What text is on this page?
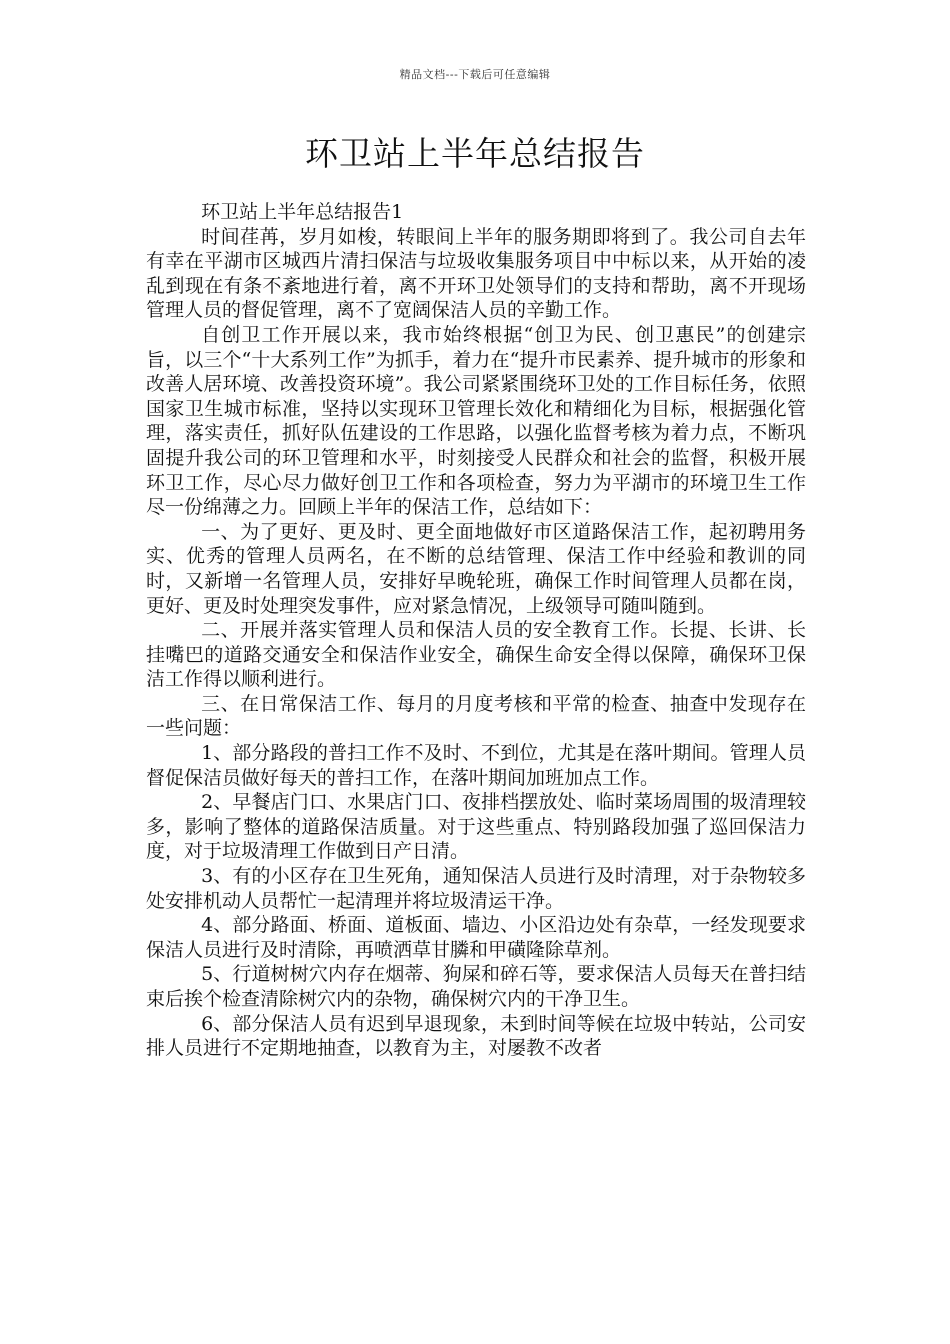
精品文档---下载后可任意编辑
环卫站上半年总结报告

环卫站上半年总结报告1

时间荏苒，岁月如梭，转眼间上半年的服务期即将到了。我公司自去年有幸在平湖市区城西片清扫保洁与垃圾收集服务项目中中标以来，从开始的凌乱到现在有条不紊地进行着，离不开环卫处领导们的支持和帮助，离不开现场管理人员的督促管理，离不了宽阔保洁人员的辛勤工作。

自创卫工作开展以来，我市始终根据“创卫为民、创卫惠民”的创建宗旨，以三个“十大系列工作”为抓手，着力在“提升市民素养、提升城市的形象和改善人居环境、改善投资环境”。我公司紧紧围绕环卫处的工作目标任务，依照国家卫生城市标准，坚持以实现环卫管理长效化和精细化为目标，根据强化管理，落实责任，抓好队伍建设的工作思路，以强化监督考核为着力点，不断巩固提升我公司的环卫管理和水平，时刻接受人民群众和社会的监督，积极开展环卫工作，尽心尽力做好创卫工作和各项检查，努力为平湖市的环境卫生工作尽一份绵薄之力。回顾上半年的保洁工作，总结如下：

一、为了更好、更及时、更全面地做好市区道路保洁工作，起初聘用务实、优秀的管理人员两名，在不断的总结管理、保洁工作中经验和教训的同时，又新增一名管理人员，安排好早晚轮班，确保工作时间管理人员都在岗，更好、更及时处理突发事件，应对紧急情况，上级领导可随叫随到。

二、开展并落实管理人员和保洁人员的安全教育工作。长提、长讲、长挂嘴巴的道路交通安全和保洁作业安全，确保生命安全得以保障，确保环卫保洁工作得以顺利进行。

三、在日常保洁工作、每月的月度考核和平常的检查、抽查中发现存在一些问题：

1、部分路段的普扫工作不及时、不到位，尤其是在落叶期间。管理人员督促保洁员做好每天的普扫工作，在落叶期间加班加点工作。

2、早餐店门口、水果店门口、夜排档摆放处、临时菜场周围的圾清理较多，影响了整体的道路保洁质量。对于这些重点、特别路段加强了巡回保洁力度，对于垃圾清理工作做到日产日清。

3、有的小区存在卫生死角，通知保洁人员进行及时清理，对于杂物较多处安排机动人员帮忙一起清理并将垃圾清运干净。

4、部分路面、桥面、道板面、墙边、小区沿边处有杂草，一经发现要求保洁人员进行及时清除，再喷洒草甘膦和甲磺隆除草剂。

5、行道树树穴内存在烟蒂、狗屎和碎石等，要求保洁人员每天在普扫结束后挨个检查清除树穴内的杂物，确保树穴内的干净卫生。

6、部分保洁人员有迟到早退现象，未到时间等候在垃圾中转站，公司安排人员进行不定期地抽查，以教育为主，对屡教不改者
